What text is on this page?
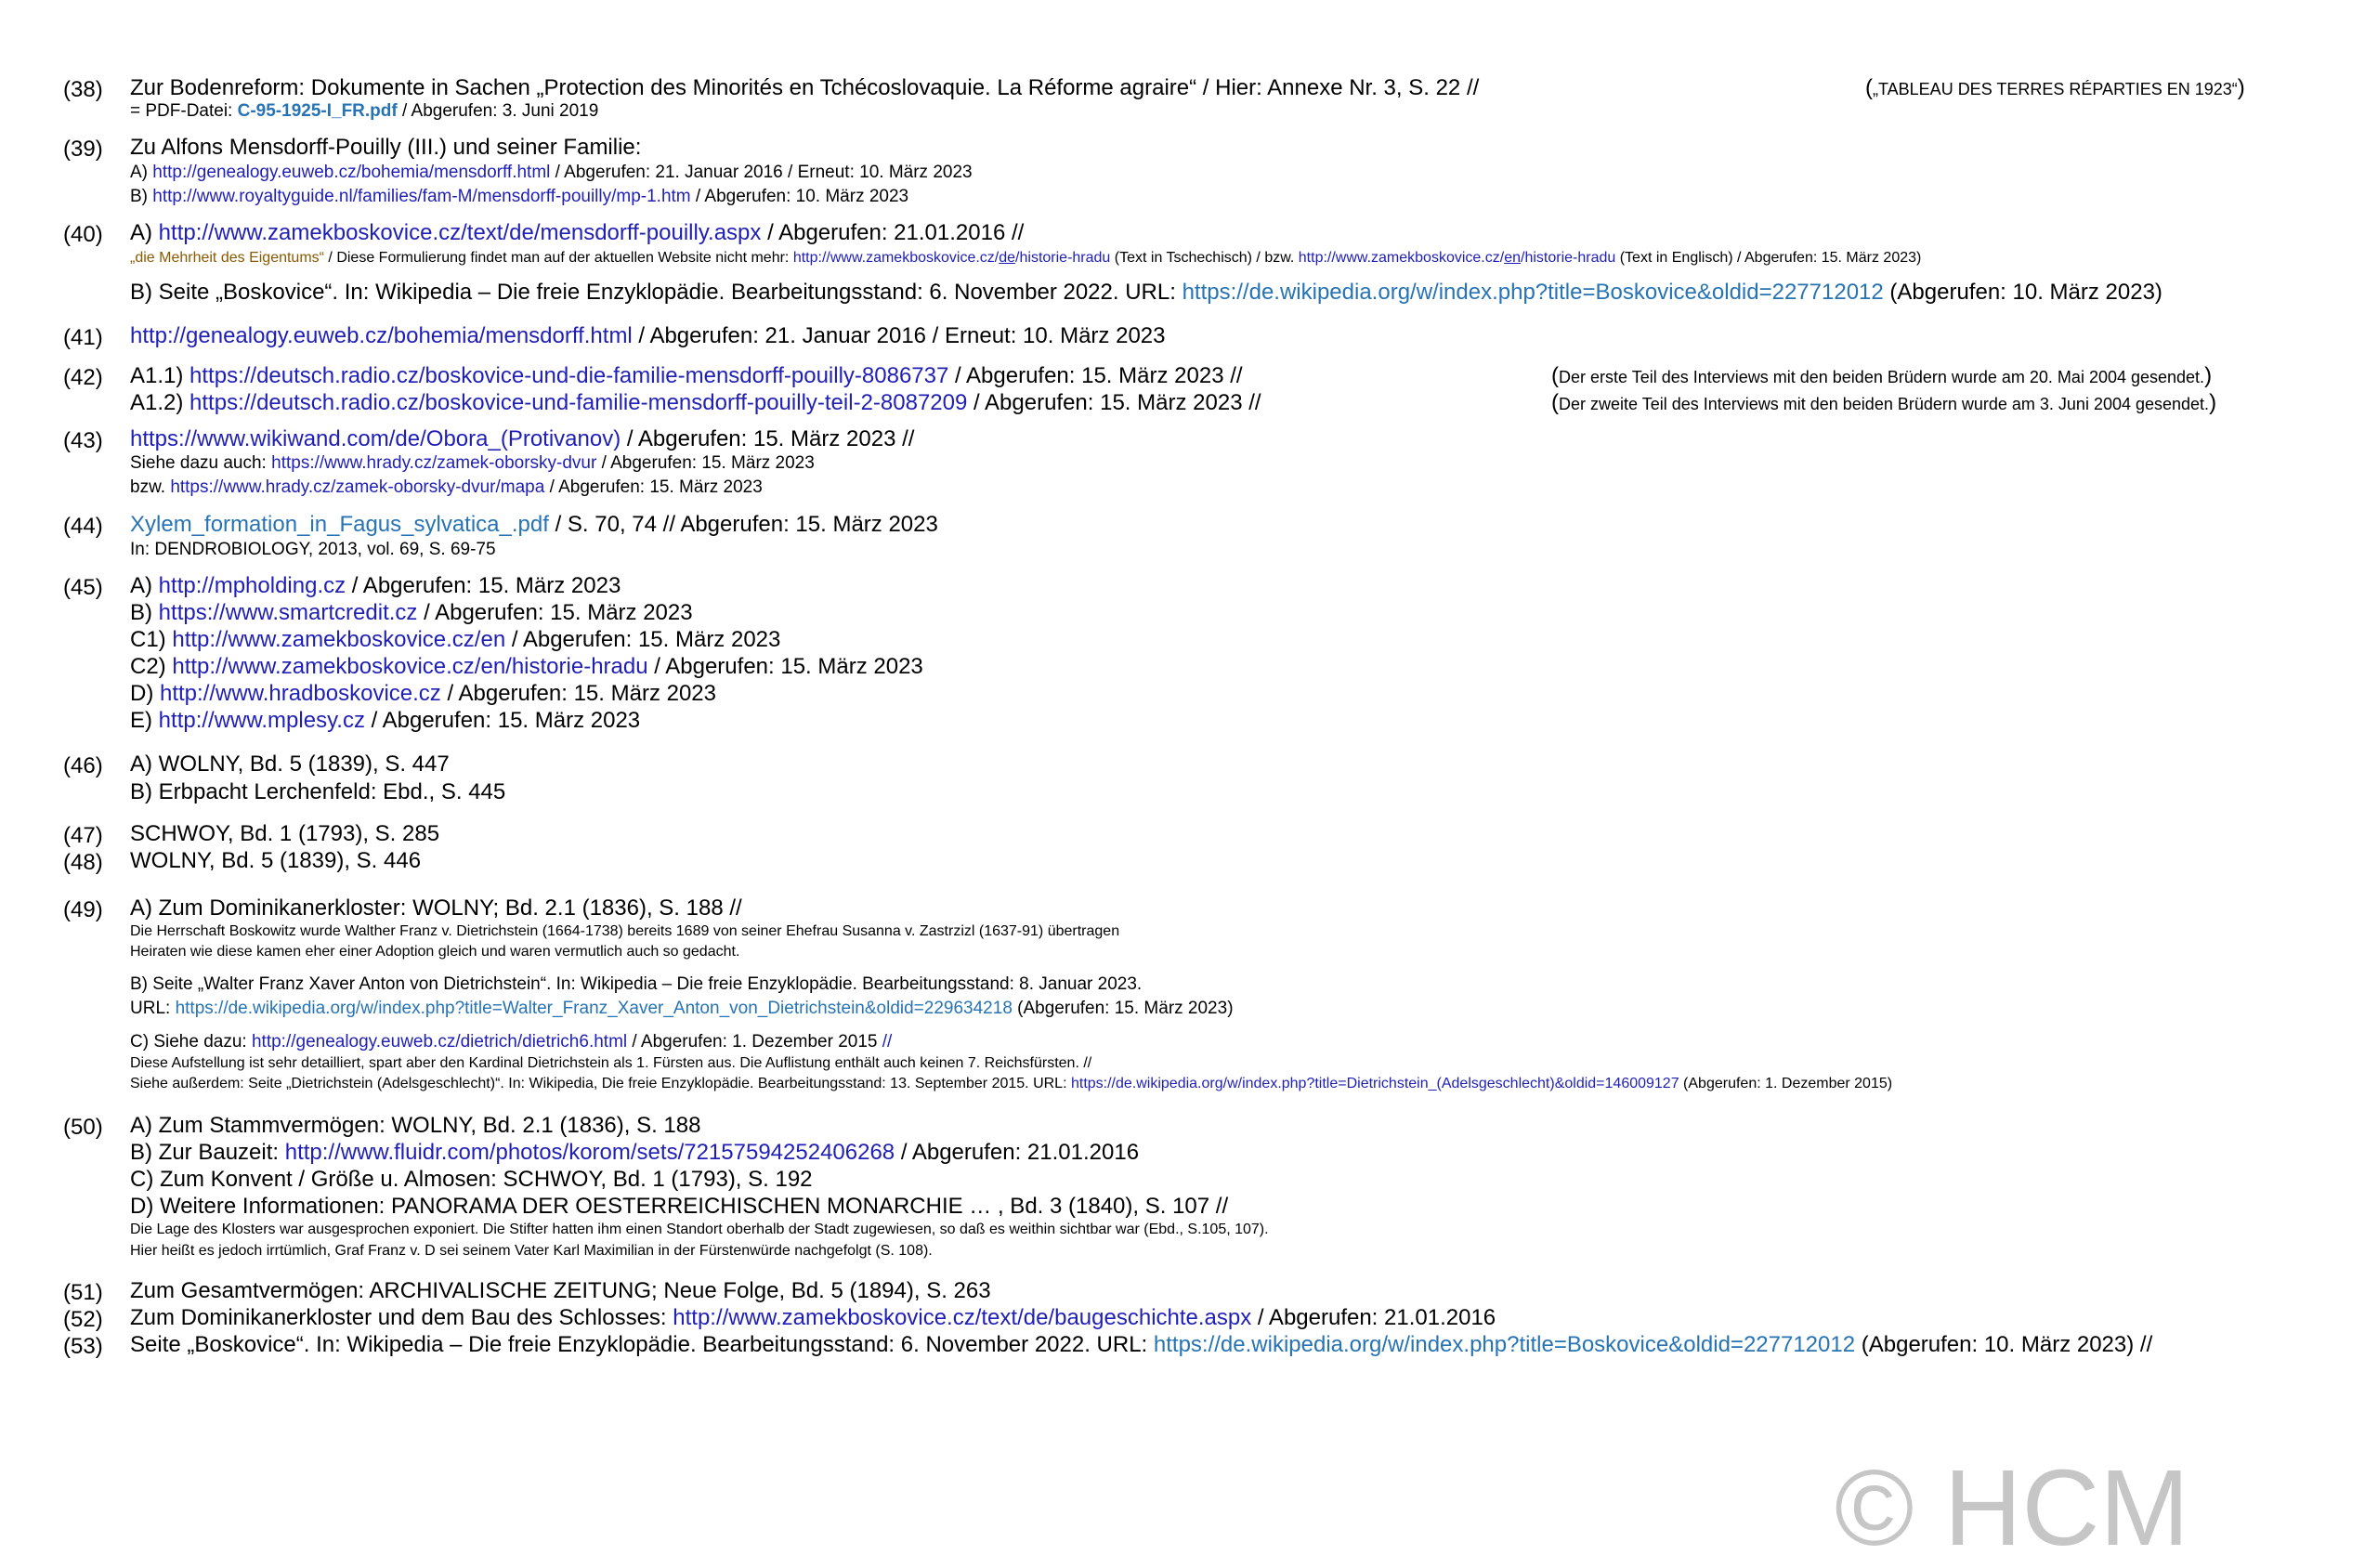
(38) Zur Bodenreform: Dokumente in Sachen „Protection des Minorités en Tchécoslovaquie. La Réforme agraire“ / Hier: Annexe Nr. 3, S. 22 //
= PDF-Datei: C-95-1925-I_FR.pdf / Abgerufen: 3. Juni 2019
(39) Zu Alfons Mensdorff-Pouilly (III.) und seiner Familie:
A) http://genealogy.euweb.cz/bohemia/mensdorff.html / Abgerufen: 21. Januar 2016 / Erneut: 10. März 2023
B) http://www.royaltyguide.nl/families/fam-M/mensdorff-pouilly/mp-1.htm / Abgerufen: 10. März 2023
(40) A) http://www.zamekboskovice.cz/text/de/mensdorff-pouilly.aspx / Abgerufen: 21.01.2016 //
„die Mehrheit des Eigentums“ / Diese Formulierung findet man auf der aktuellen Website nicht mehr: http://www.zamekboskovice.cz/de/historie-hradu (Text in Tschechisch) / bzw. http://www.zamekboskovice.cz/en/historie-hradu (Text in Englisch) / Abgerufen: 15. März 2023)
B) Seite „Boskovice“. In: Wikipedia – Die freie Enzyklopädie. Bearbeitungsstand: 6. November 2022. URL: https://de.wikipedia.org/w/index.php?title=Boskovice&oldid=227712012 (Abgerufen: 10. März 2023)
(41) http://genealogy.euweb.cz/bohemia/mensdorff.html / Abgerufen: 21. Januar 2016 / Erneut: 10. März 2023
(42) A1.1) https://deutsch.radio.cz/boskovice-und-die-familie-mensdorff-pouilly-8086737 / Abgerufen: 15. März 2023 //
A1.2) https://deutsch.radio.cz/boskovice-und-familie-mensdorff-pouilly-teil-2-8087209 / Abgerufen: 15. März 2023 //
(43) https://www.wikiwand.com/de/Obora_(Protivanov) / Abgerufen: 15. März 2023 //
Siehe dazu auch: https://www.hrady.cz/zamek-oborsky-dvur / Abgerufen: 15. März 2023
bzw. https://www.hrady.cz/zamek-oborsky-dvur/mapa / Abgerufen: 15. März 2023
(44) Xylem_formation_in_Fagus_sylvatica_.pdf / S. 70, 74 // Abgerufen: 15. März 2023
In: DENDROBIOLOGY, 2013, vol. 69, S. 69-75
(45) A) http://mpholding.cz / Abgerufen: 15. März 2023
B) https://www.smartcredit.cz / Abgerufen: 15. März 2023
C1) http://www.zamekboskovice.cz/en / Abgerufen: 15. März 2023
C2) http://www.zamekboskovice.cz/en/historie-hradu / Abgerufen: 15. März 2023
D) http://www.hradboskovice.cz / Abgerufen: 15. März 2023
E) http://www.mplesy.cz / Abgerufen: 15. März 2023
(46) A) WOLNY, Bd. 5 (1839), S. 447
B) Erbpacht Lerchenfeld: Ebd., S. 445
(47) SCHWOY, Bd. 1 (1793), S. 285
(48) WOLNY, Bd. 5 (1839), S. 446
(49) A) Zum Dominikanerkloster: WOLNY; Bd. 2.1 (1836), S. 188 //
Die Herrschaft Boskowitz wurde Walther Franz v. Dietrichstein (1664-1738) bereits 1689 von seiner Ehefrau Susanna v. Zastrzizl (1637-91) übertragen
Heiraten wie diese kamen eher einer Adoption gleich und waren vermutlich auch so gedacht.
B) Seite „Walter Franz Xaver Anton von Dietrichstein“. In: Wikipedia – Die freie Enzyklopädie. Bearbeitungsstand: 8. Januar 2023.
URL: https://de.wikipedia.org/w/index.php?title=Walter_Franz_Xaver_Anton_von_Dietrichstein&oldid=229634218 (Abgerufen: 15. März 2023)
C) Siehe dazu: http://genealogy.euweb.cz/dietrich/dietrich6.html / Abgerufen: 1. Dezember 2015 //
Diese Aufstellung ist sehr detailliert, spart aber den Kardinal Dietrichstein als 1. Fürsten aus. Die Auflistung enthält auch keinen 7. Reichsfürsten. //
Siehe außerdem: Seite „Dietrichstein (Adelsgeschlecht)“. In: Wikipedia, Die freie Enzyklopädie. Bearbeitungsstand: 13. September 2015. URL: https://de.wikipedia.org/w/index.php?title=Dietrichstein_(Adelsgeschlecht)&oldid=146009127 (Abgerufen: 1. Dezember 2015)
(50) A) Zum Stammvermögen: WOLNY, Bd. 2.1 (1836), S. 188
B) Zur Bauzeit: http://www.fluidr.com/photos/korom/sets/72157594252406268 / Abgerufen: 21.01.2016
C) Zum Konvent / Größe u. Almosen: SCHWOY, Bd. 1 (1793), S. 192
D) Weitere Informationen: PANORAMA DER OESTERREICHISCHEN MONARCHIE … , Bd. 3 (1840), S. 107 //
Die Lage des Klosters war ausgesprochen exponiert. Die Stifter hatten ihm einen Standort oberhalb der Stadt zugewiesen, so daß es weithin sichtbar war (Ebd., S.105, 107).
Hier heißt es jedoch irrtümlich, Graf Franz v. D sei seinem Vater Karl Maximilian in der Fürstenwürde nachgefolgt (S. 108).
(51) Zum Gesamtvermögen: ARCHIVALISCHE ZEITUNG; Neue Folge, Bd. 5 (1894), S. 263
(52) Zum Dominikanerkloster und dem Bau des Schlosses: http://www.zamekboskovice.cz/text/de/baugeschichte.aspx / Abgerufen: 21.01.2016
(53) Seite „Boskovice“. In: Wikipedia – Die freie Enzyklopädie. Bearbeitungsstand: 6. November 2022. URL: https://de.wikipedia.org/w/index.php?title=Boskovice&oldid=227712012 (Abgerufen: 10. März 2023) //
(„TABLEAU DES TERRES RÉPARTIES EN 1923“)
(Der erste Teil des Interviews mit den beiden Brüdern wurde am 20. Mai 2004 gesendet.)
(Der zweite Teil des Interviews mit den beiden Brüdern wurde am 3. Juni 2004 gesendet.)
© HCM
